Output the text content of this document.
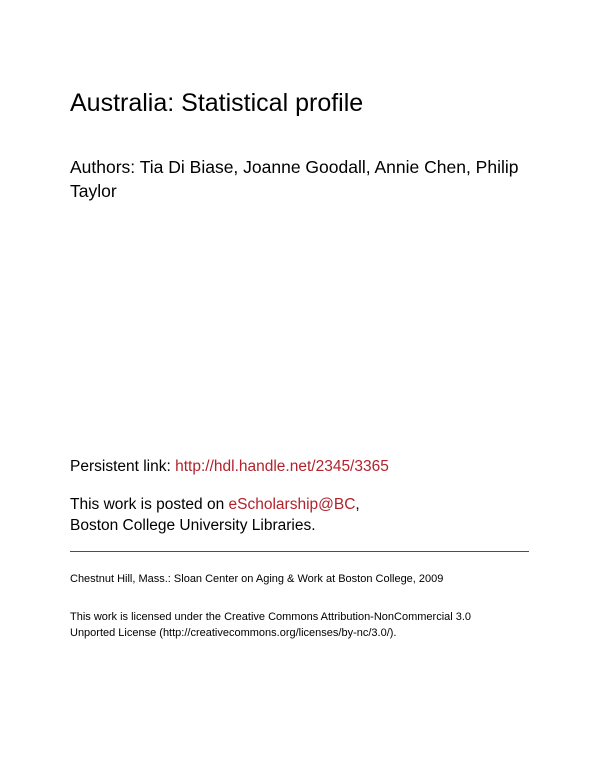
Australia: Statistical profile
Authors: Tia Di Biase, Joanne Goodall, Annie Chen, Philip Taylor
Persistent link: http://hdl.handle.net/2345/3365
This work is posted on eScholarship@BC,
Boston College University Libraries.
Chestnut Hill, Mass.: Sloan Center on Aging & Work at Boston College, 2009
This work is licensed under the Creative Commons Attribution-NonCommercial 3.0
Unported License (http://creativecommons.org/licenses/by-nc/3.0/).
